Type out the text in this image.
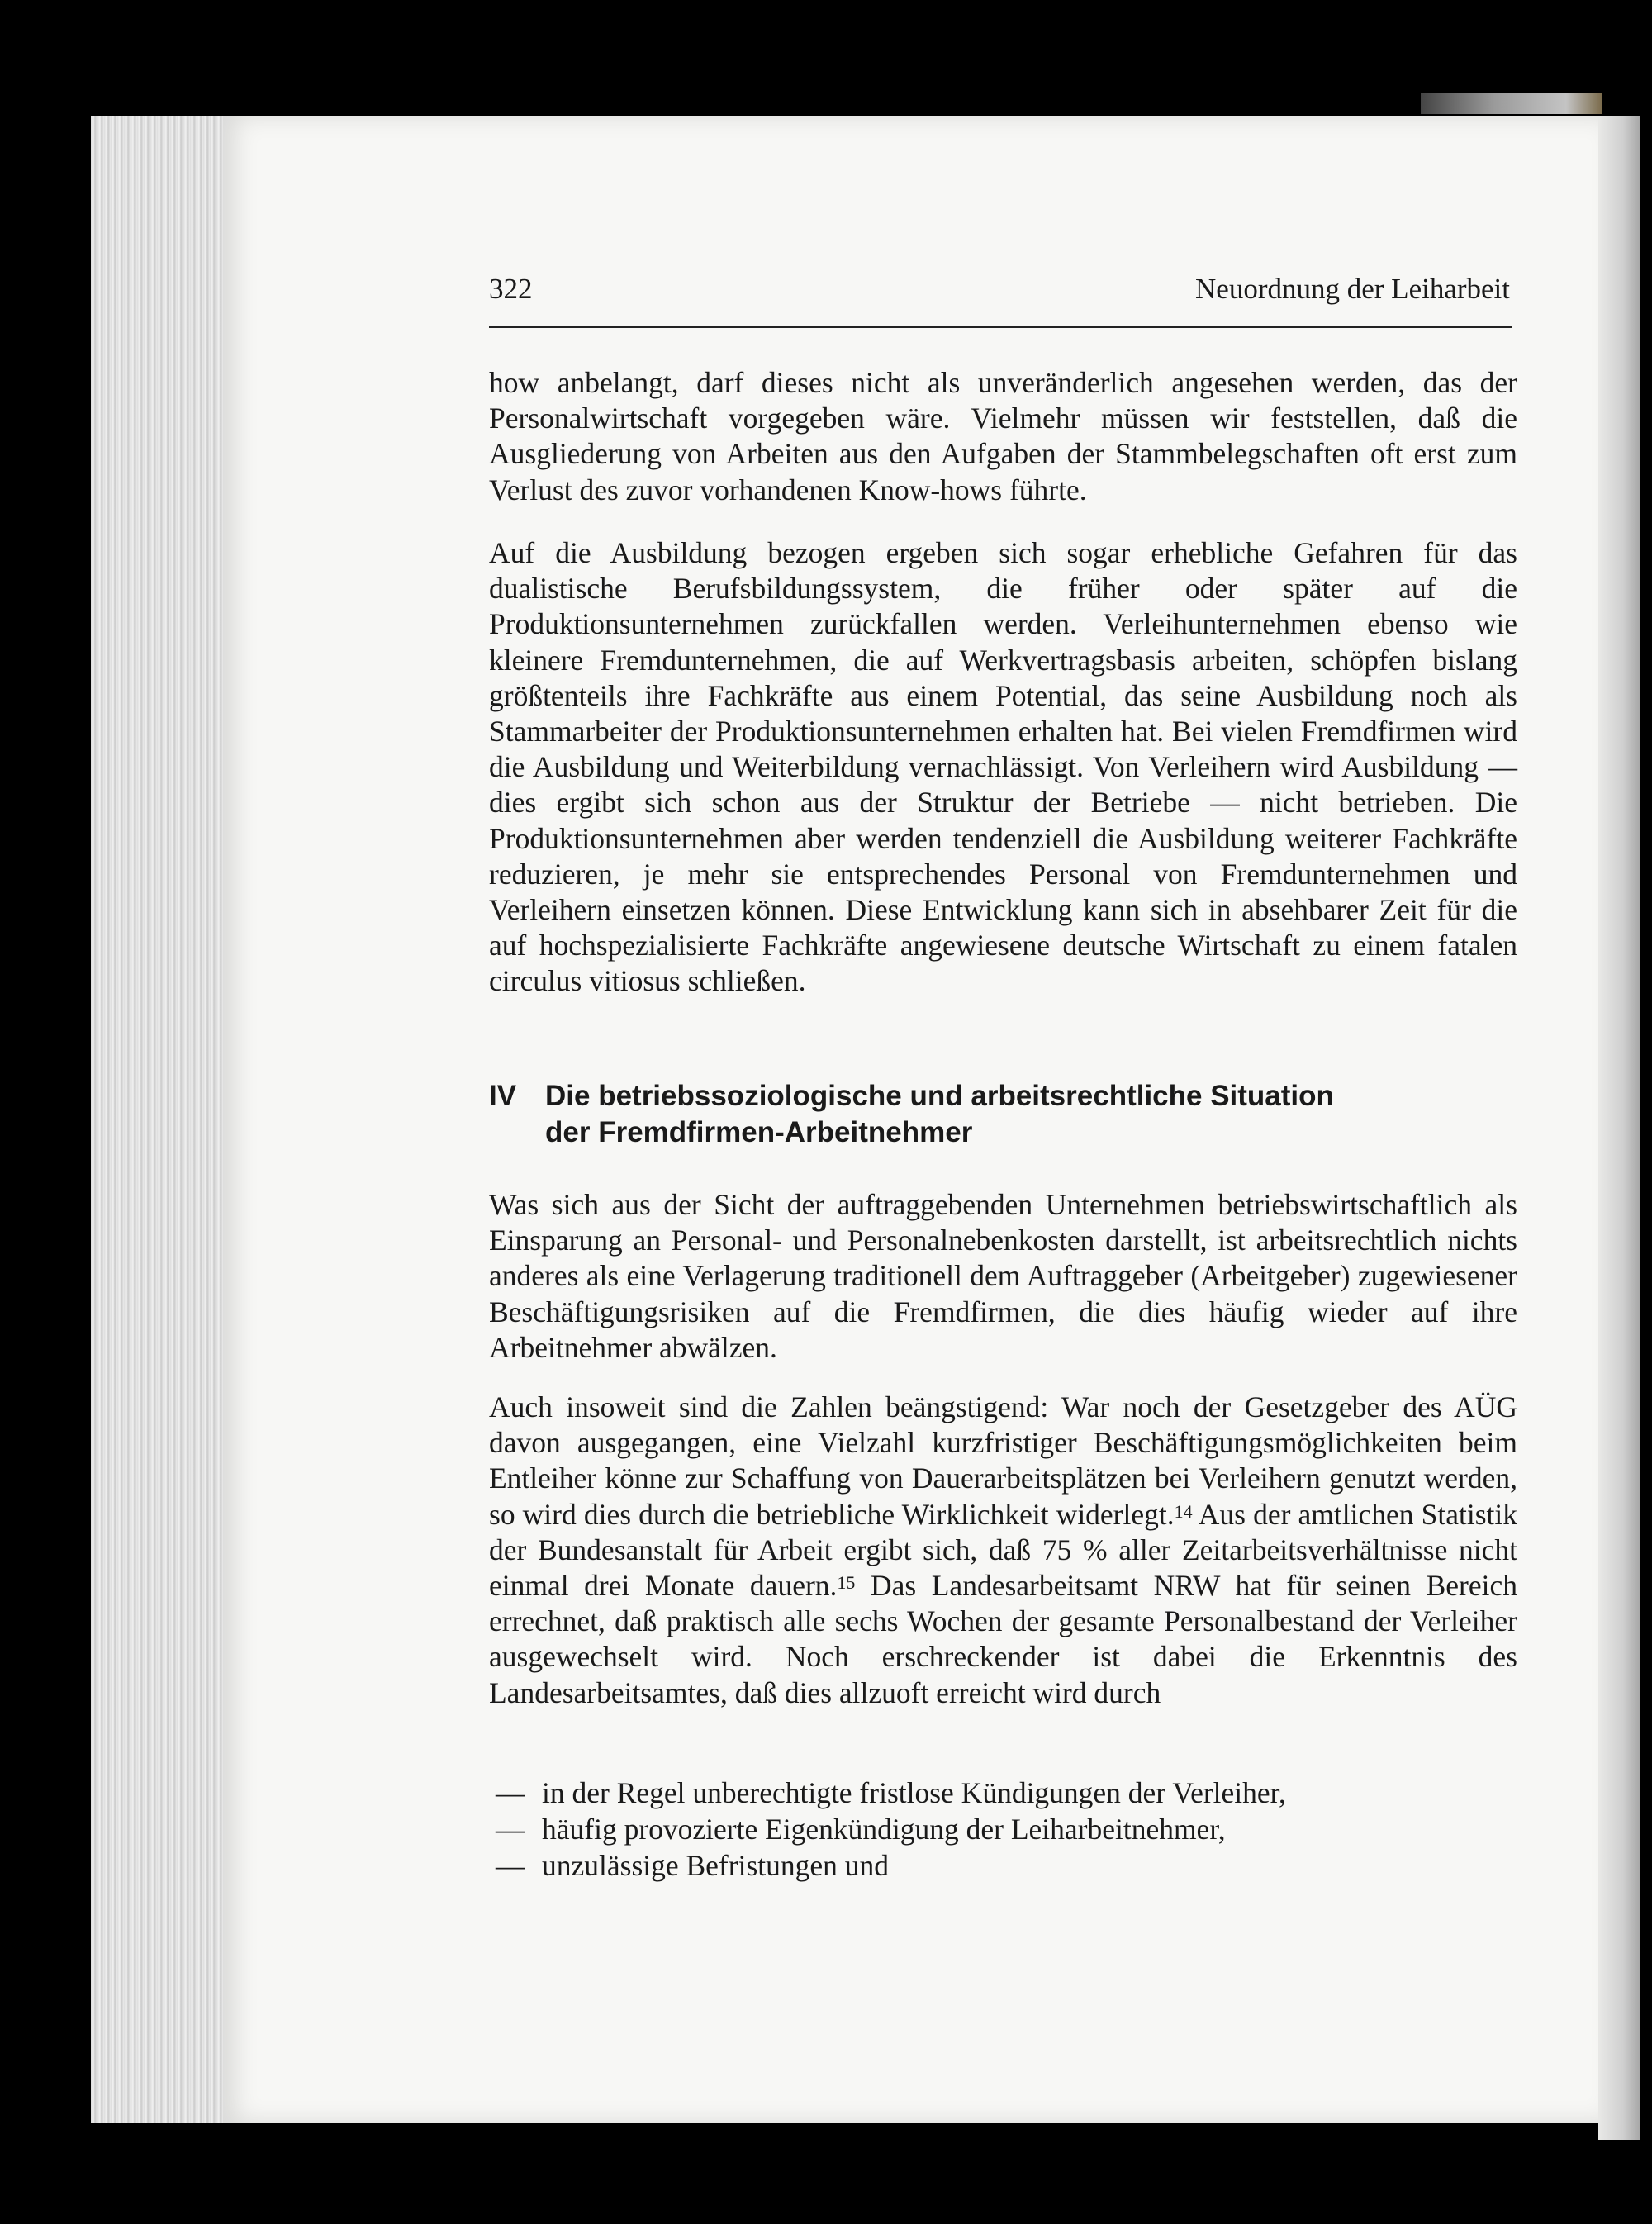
322	Neuordnung der Leiharbeit

how anbelangt, darf dieses nicht als unveränderlich angesehen werden, das der Personalwirtschaft vorgegeben wäre. Vielmehr müssen wir feststellen, daß die Ausgliederung von Arbeiten aus den Aufgaben der Stammbelegschaften oft erst zum Verlust des zuvor vorhandenen Know-hows führte.

Auf die Ausbildung bezogen ergeben sich sogar erhebliche Gefahren für das dualistische Berufsbildungssystem, die früher oder später auf die Produktionsunternehmen zurückfallen werden. Verleihunternehmen ebenso wie kleinere Fremdunternehmen, die auf Werkvertragsbasis arbeiten, schöpfen bislang größtenteils ihre Fachkräfte aus einem Potential, das seine Ausbildung noch als Stammarbeiter der Produktionsunternehmen erhalten hat. Bei vielen Fremdfirmen wird die Ausbildung und Weiterbildung vernachlässigt. Von Verleihern wird Ausbildung — dies ergibt sich schon aus der Struktur der Betriebe — nicht betrieben. Die Produktionsunternehmen aber werden tendenziell die Ausbildung weiterer Fachkräfte reduzieren, je mehr sie entsprechendes Personal von Fremdunternehmen und Verleihern einsetzen können. Diese Entwicklung kann sich in absehbarer Zeit für die auf hochspezialisierte Fachkräfte angewiesene deutsche Wirtschaft zu einem fatalen circulus vitiosus schließen.

IV Die betriebssoziologische und arbeitsrechtliche Situation
der Fremdfirmen-Arbeitnehmer

Was sich aus der Sicht der auftraggebenden Unternehmen betriebswirtschaftlich als Einsparung an Personal- und Personalnebenkosten darstellt, ist arbeitsrechtlich nichts anderes als eine Verlagerung traditionell dem Auftraggeber (Arbeitgeber) zugewiesener Beschäftigungsrisiken auf die Fremdfirmen, die dies häufig wieder auf ihre Arbeitnehmer abwälzen.

Auch insoweit sind die Zahlen beängstigend: War noch der Gesetzgeber des AÜG davon ausgegangen, eine Vielzahl kurzfristiger Beschäftigungsmöglichkeiten beim Entleiher könne zur Schaffung von Dauerarbeitsplätzen bei Verleihern genutzt werden, so wird dies durch die betriebliche Wirklichkeit widerlegt.$^{14}$ Aus der amtlichen Statistik der Bundesanstalt für Arbeit ergibt sich, daß 75 % aller Zeitarbeitsverhältnisse nicht einmal drei Monate dauern.$^{15}$ Das Landesarbeitsamt NRW hat für seinen Bereich errechnet, daß praktisch alle sechs Wochen der gesamte Personalbestand der Verleiher ausgewechselt wird. Noch erschreckender ist dabei die Erkenntnis des Landesarbeitsamtes, daß dies allzuoft erreicht wird durch

— in der Regel unberechtigte fristlose Kündigungen der Verleiher,
— häufig provozierte Eigenkündigung der Leiharbeitnehmer,
— unzulässige Befristungen und
